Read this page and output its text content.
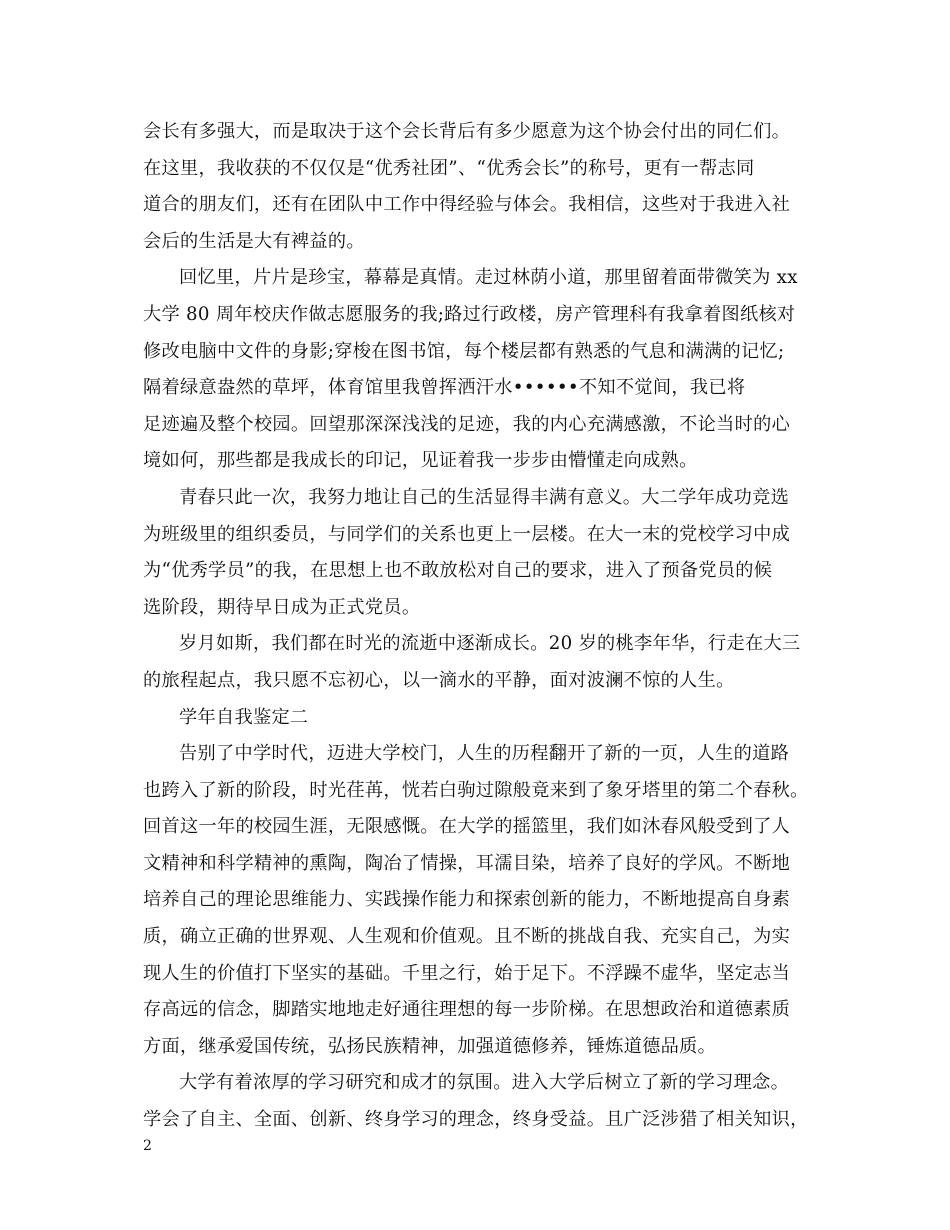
会长有多强大，而是取决于这个会长背后有多少愿意为这个协会付出的同仁们。
在这里，我收获的不仅仅是“优秀社团”、“优秀会长”的称号，更有一帮志同
道合的朋友们，还有在团队中工作中得经验与体会。我相信，这些对于我进入社
会后的生活是大有裨益的。
回忆里，片片是珍宝，幕幕是真情。走过林荫小道，那里留着面带微笑为 xx
大学 80 周年校庆作做志愿服务的我;路过行政楼，房产管理科有我拿着图纸核对
修改电脑中文件的身影;穿梭在图书馆，每个楼层都有熟悉的气息和满满的记忆;
隔着绿意盎然的草坪，体育馆里我曾挥洒汗水••••••不知不觉间，我已将
足迹遍及整个校园。回望那深深浅浅的足迹，我的内心充满感激，不论当时的心
境如何，那些都是我成长的印记，见证着我一步步由懵懂走向成熟。
青春只此一次，我努力地让自己的生活显得丰满有意义。大二学年成功竞选
为班级里的组织委员，与同学们的关系也更上一层楼。在大一末的党校学习中成
为“优秀学员”的我，在思想上也不敢放松对自己的要求，进入了预备党员的候
选阶段，期待早日成为正式党员。
岁月如斯，我们都在时光的流逝中逐渐成长。20 岁的桃李年华，行走在大三
的旅程起点，我只愿不忘初心，以一滴水的平静，面对波澜不惊的人生。
学年自我鉴定二
告别了中学时代，迈进大学校门，人生的历程翻开了新的一页，人生的道路
也跨入了新的阶段，时光荏苒，恍若白驹过隙般竟来到了象牙塔里的第二个春秋。
回首这一年的校园生涯，无限感慨。在大学的摇篮里，我们如沐春风般受到了人
文精神和科学精神的熏陶，陶冶了情操，耳濡目染，培养了良好的学风。不断地
培养自己的理论思维能力、实践操作能力和探索创新的能力，不断地提高自身素
质，确立正确的世界观、人生观和价值观。且不断的挑战自我、充实自己，为实
现人生的价值打下坚实的基础。千里之行，始于足下。不浮躁不虚华，坚定志当
存高远的信念，脚踏实地地走好通往理想的每一步阶梯。在思想政治和道德素质
方面，继承爱国传统，弘扬民族精神，加强道德修养，锤炼道德品质。
大学有着浓厚的学习研究和成才的氛围。进入大学后树立了新的学习理念。
学会了自主、全面、创新、终身学习的理念，终身受益。且广泛涉猎了相关知识，
2
